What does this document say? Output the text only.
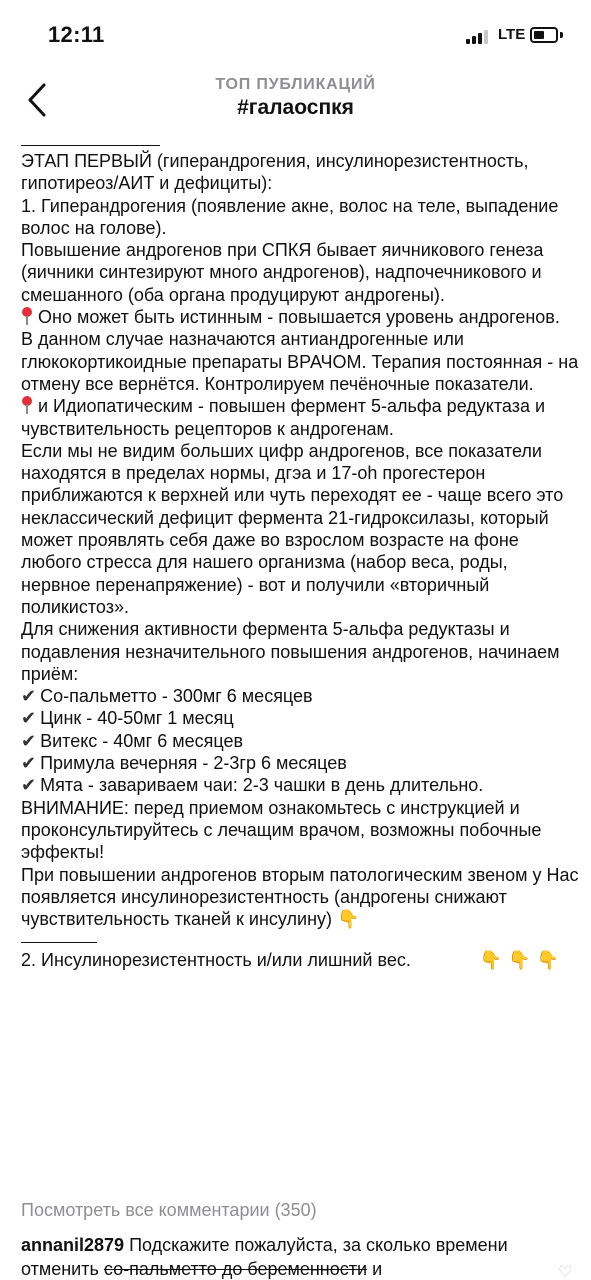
12:11	LTE
ТОП ПУБЛИКАЦИЙ
#галаоспкя

ЭТАП ПЕРВЫЙ (гиперандрогения, инсулинорезистентность, гипотиреоз/АИТ и дефициты):

1. Гиперандрогения (появление акне, волос на теле, выпадение волос на голове).

Повышение андрогенов при СПКЯ бывает яичникового генеза (яичники синтезируют много андрогенов), надпочечникового и смешанного (оба органа продуцируют андрогены).

Оно может быть истинным - повышается уровень андрогенов.

В данном случае назначаются антиандрогенные или глюкокортикоидные препараты ВРАЧОМ. Терапия постоянная - на отмену все вернётся. Контролируем печёночные показатели.

и Идиопатическим - повышен фермент 5-альфа редуктаза и чувствительность рецепторов к андрогенам.

Если мы не видим больших цифр андрогенов, все показатели находятся в пределах нормы, дгэа и 17-oh прогестерон приближаются к верхней или чуть переходят ее - чаще всего это неклассический дефицит фермента 21-гидроксилазы, который может проявлять себя даже во взрослом возрасте на фоне любого стресса для нашего организма (набор веса, роды, нервное перенапряжение) - вот и получили «вторичный поликистоз».

Для снижения активности фермента 5-альфа редуктазы и подавления незначительного повышения андрогенов, начинаем приём:

✔ Со-пальметто - 300мг 6 месяцев

✔ Цинк - 40-50мг 1 месяц

✔ Витекс - 40мг 6 месяцев

✔ Примула вечерняя - 2-3гр 6 месяцев

✔ Мята - завариваем чаи: 2-3 чашки в день длительно.

ВНИМАНИЕ: перед приемом ознакомьтесь с инструкцией и проконсультируйтесь с лечащим врачом, возможны побочные эффекты!

При повышении андрогенов вторым патологическим звеном у Нас появляется инсулинорезистентность (андрогены снижают чувствительность тканей к инсулину) 👇

2. Инсулинорезистентность и/или лишний вес.	👇👇👇

Посмотреть все комментарии (350)
annanil2879 Подскажите пожалуйста, за сколько времени отменить со-пальметто до беременности и	♡
